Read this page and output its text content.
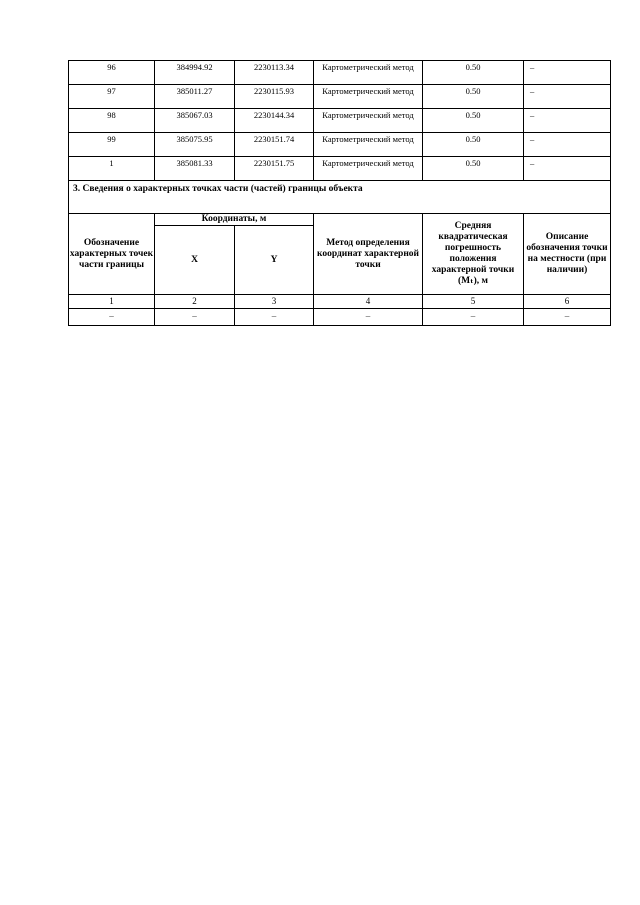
96	384994.92	2230113.34	Картометрический метод	0.50	–
97	385011.27	2230115.93	Картометрический метод	0.50	–
98	385067.03	2230144.34	Картометрический метод	0.50	–
99	385075.95	2230151.74	Картометрический метод	0.50	–
1	385081.33	2230151.75	Картометрический метод	0.50	–
3. Сведения о характерных точках части (частей) границы объекта					
Обозначение характерных точек части границы	Координаты, м		Метод определения координат характерной точки	Средняя квадратическая погрешность положения характерной точки (Mₜ), м	Описание обозначения точки на местности (при наличии)
	X	Y			
1	2	3	4	5	6
–	–	–	–	–	–
